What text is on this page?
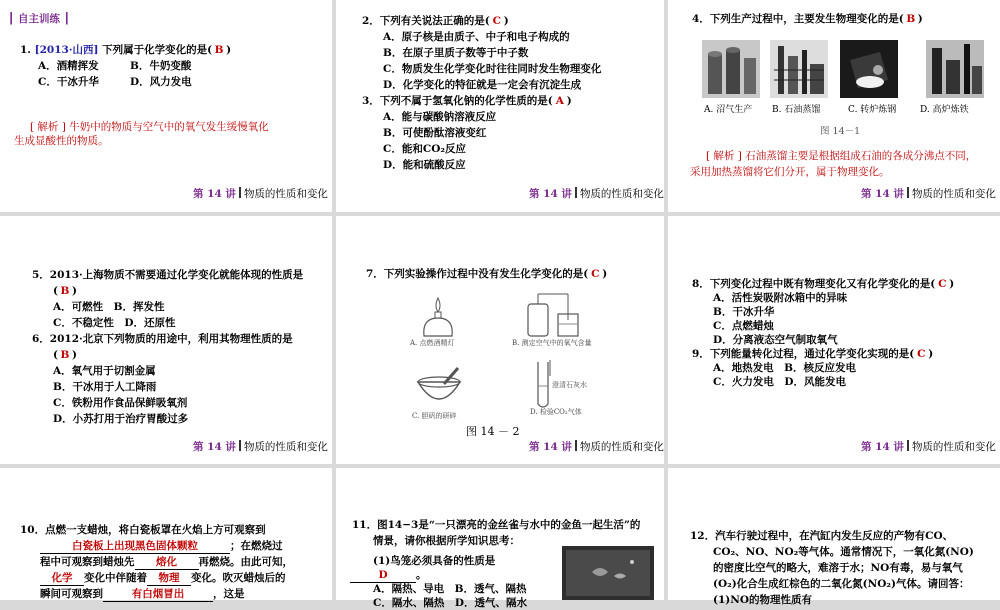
┃ 自主训练 ┃
1. [2013·山西] 下列属于化学变化的是( B )
A．酒精挥发	B．牛奶变酸
C．干冰升华	D．风力发电
[ 解析 ] 牛奶中的物质与空气中的氧气发生缓慢氧化
生成显酸性的物质。
第 14 讲 物质的性质和变化
2．下列有关说法正确的是( C )
A．原子核是由质子、中子和电子构成的
B．在原子里质子数等于中子数
C．物质发生化学变化时往往同时发生物理变化
D．化学变化的特征就是一定会有沉淀生成
3．下列不属于氢氧化钠的化学性质的是( A )
A．能与碳酸钠溶液反应
B．可使酚酞溶液变红
C．能和CO₂反应
D．能和硫酸反应
第 14 讲 物质的性质和变化
4．下列生产过程中，主要发生物理变化的是( B )
A. 沼气生产 B. 石油蒸馏	C. 转炉炼钢	D. 高炉炼铁
图 14－1
[ 解析 ] 石油蒸馏主要是根据组成石油的各成分沸点不同，
采用加热蒸馏将它们分开，属于物理变化。
第 14 讲 物质的性质和变化
5．2013·上海物质不需要通过化学变化就能体现的性质是
( B )
A．可燃性　B．挥发性
C．不稳定性　D．还原性
6．2012·北京下列物质的用途中，利用其物理性质的是
( B )
A．氧气用于切割金属
B．干冰用于人工降雨
C．铁粉用作食品保鲜吸氧剂
D．小苏打用于治疗胃酸过多
第 14 讲 物质的性质和变化
7．下列实验操作过程中没有发生化学变化的是( C )
澄清石灰水
A. 点燃酒精灯	B. 测定空气中的氧气含量
C. 胆矾的研碎	D. 检验CO₂气体
图 14 － 2
第 14 讲 物质的性质和变化
8．下列变化过程中既有物理变化又有化学变化的是( C )
A．活性炭吸附冰箱中的异味
B．干冰升华
C．点燃蜡烛
D．分离液态空气制取氧气
9．下列能量转化过程，通过化学变化实现的是( C )
A．地热发电　B．核反应发电
C．火力发电　D．风能发电
第 14 讲 物质的性质和变化
10．点燃一支蜡烛，将白瓷板罩在火焰上方可观察到
白瓷板上出现黑色固体颗粒	；在燃烧过
程中可观察到蜡烛先 熔化 再燃烧。由此可知，
化学 变化中伴随着 物理 变化。吹灭蜡烛后的
瞬间可观察到	有白烟冒出	，这是
11．图14−3是“一只漂亮的金丝雀与水中的金鱼一起生活”的
情景，请你根据所学知识思考：
(1)鸟笼必须具备的性质是
D	。
A．隔热、导电　B．透气、隔热
C．隔水、隔热　D．透气、隔水
12．汽车行驶过程中，在汽缸内发生反应的产物有CO、
CO₂、NO、NO₂等气体。通常情况下，一氧化氮(NO)
的密度比空气的略大，难溶于水；NO有毒，易与氧气
(O₂)化合生成红棕色的二氧化氮(NO₂)气体。请回答：
(1)NO的物理性质有
